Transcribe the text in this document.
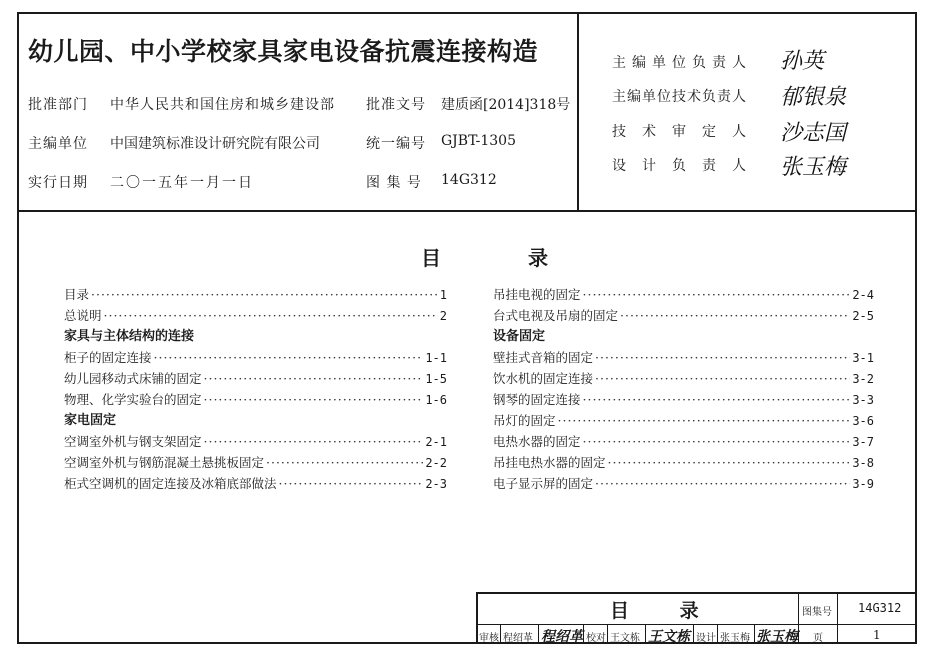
幼儿园、中小学校家具家电设备抗震连接构造
批准部门 中华人民共和国住房和城乡建设部 批准文号 建质函[2014]318号
主编单位 中国建筑标准设计研究院有限公司	统一编号 GJBT-1305
实行日期 二〇一五年一月一日	图 集 号 14G312
主编单位负责人 孙英
主编单位技术负责人 郁银泉
技术审定人 沙志国
设计负责人 张玉梅
目 录
目录 ·····	1
总说明 ·····	2
家具与主体结构的连接
柜子的固定连接 ·····	1-1
幼儿园移动式床铺的固定 ·····	1-5
物理、化学实验台的固定 ·····	1-6
家电固定
空调室外机与钢支架固定 ·····	2-1
空调室外机与钢筋混凝土悬挑板固定 ·····	2-2
柜式空调机的固定连接及冰箱底部做法 ·····	2-3
吊挂电视的固定 ·····	2-4
台式电视及吊扇的固定 ·····	2-5
设备固定
壁挂式音箱的固定 ·····	3-1
饮水机的固定连接 ·····	3-2
钢琴的固定连接 ·····	3-3
吊灯的固定 ·····	3-6
电热水器的固定 ·····	3-7
吊挂电热水器的固定 ·····	3-8
电子显示屏的固定 ·····	3-9
目 录	图集号 14G312
审核 程绍革 程绍革 校对 王文栋 王文栋 设计 张玉梅 张玉梅 页	1
